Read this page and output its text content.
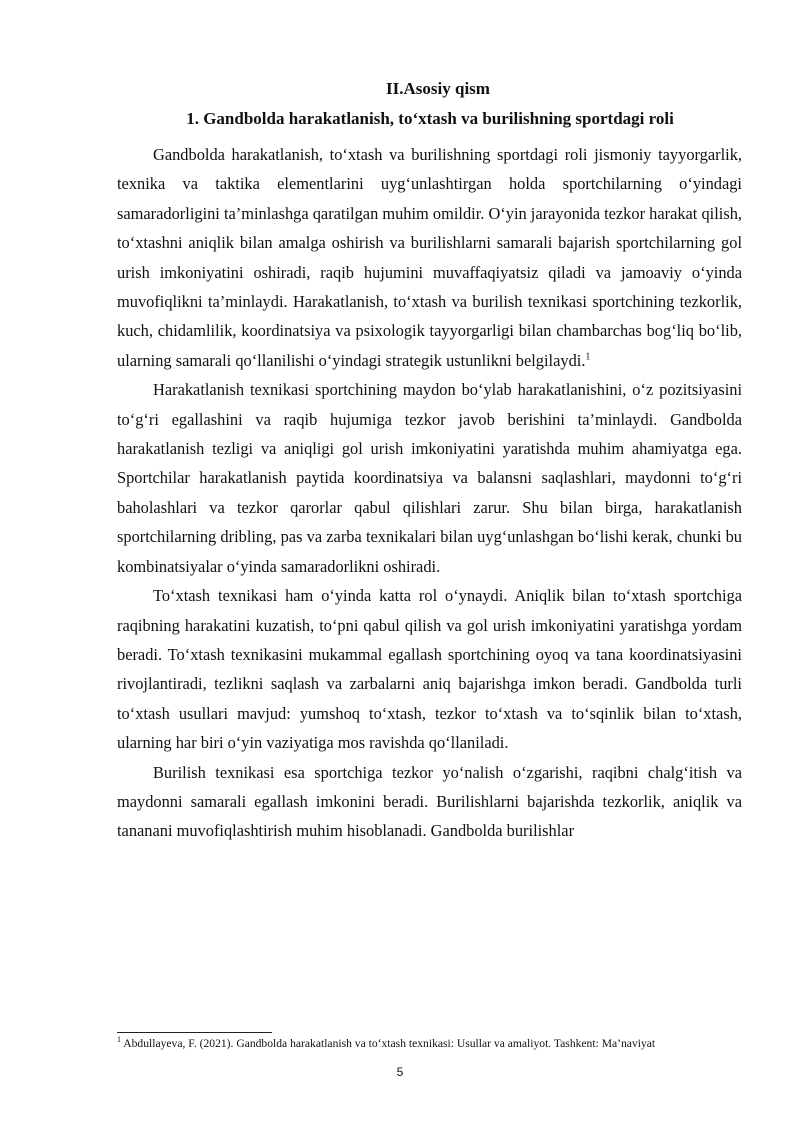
II.Asosiy qism
1. Gandbolda harakatlanish, to‘xtash va burilishning sportdagi roli

Gandbolda harakatlanish, to‘xtash va burilishning sportdagi roli jismoniy tayyorgarlik, texnika va taktika elementlarini uyg‘unlashtirgan holda sportchilarning o‘yindagi samaradorligini ta’minlashga qaratilgan muhim omildir. O‘yin jarayonida tezkor harakat qilish, to‘xtashni aniqlik bilan amalga oshirish va burilishlarni samarali bajarish sportchilarning gol urish imkoniyatini oshiradi, raqib hujumini muvaffaqiyatsiz qiladi va jamoaviy o‘yinda muvofiqlikni ta’minlaydi. Harakatlanish, to‘xtash va burilish texnikasi sportchining tezkorlik, kuch, chidamlilik, koordinatsiya va psixologik tayyorgarligi bilan chambarchas bog‘liq bo‘lib, ularning samarali qo‘llanilishi o‘yindagi strategik ustunlikni belgilaydi.$^1$

Harakatlanish texnikasi sportchining maydon bo‘ylab harakatlanishini, o‘z pozitsiyasini to‘g‘ri egallashini va raqib hujumiga tezkor javob berishini ta’minlaydi. Gandbolda harakatlanish tezligi va aniqligi gol urish imkoniyatini yaratishda muhim ahamiyatga ega. Sportchilar harakatlanish paytida koordinatsiya va balansni saqlashlari, maydonni to‘g‘ri baholashlari va tezkor qarorlar qabul qilishlari zarur. Shu bilan birga, harakatlanish sportchilarning dribling, pas va zarba texnikalari bilan uyg‘unlashgan bo‘lishi kerak, chunki bu kombinatsiyalar o‘yinda samaradorlikni oshiradi.

To‘xtash texnikasi ham o‘yinda katta rol o‘ynaydi. Aniqlik bilan to‘xtash sportchiga raqibning harakatini kuzatish, to‘pni qabul qilish va gol urish imkoniyatini yaratishga yordam beradi. To‘xtash texnikasini mukammal egallash sportchining oyoq va tana koordinatsiyasini rivojlantiradi, tezlikni saqlash va zarbalarni aniq bajarishga imkon beradi. Gandbolda turli to‘xtash usullari mavjud: yumshoq to‘xtash, tezkor to‘xtash va to‘sqinlik bilan to‘xtash, ularning har biri o‘yin vaziyatiga mos ravishda qo‘llaniladi.

Burilish texnikasi esa sportchiga tezkor yo‘nalish o‘zgarishi, raqibni chalg‘itish va maydonni samarali egallash imkonini beradi. Burilishlarni bajarishda tezkorlik, aniqlik va tananani muvofiqlashtirish muhim hisoblanadi. Gandbolda burilishlar

$^1$ Abdullayeva, F. (2021). Gandbolda harakatlanish va to‘xtash texnikasi: Usullar va amaliyot. Tashkent: Ma’naviyat
5
